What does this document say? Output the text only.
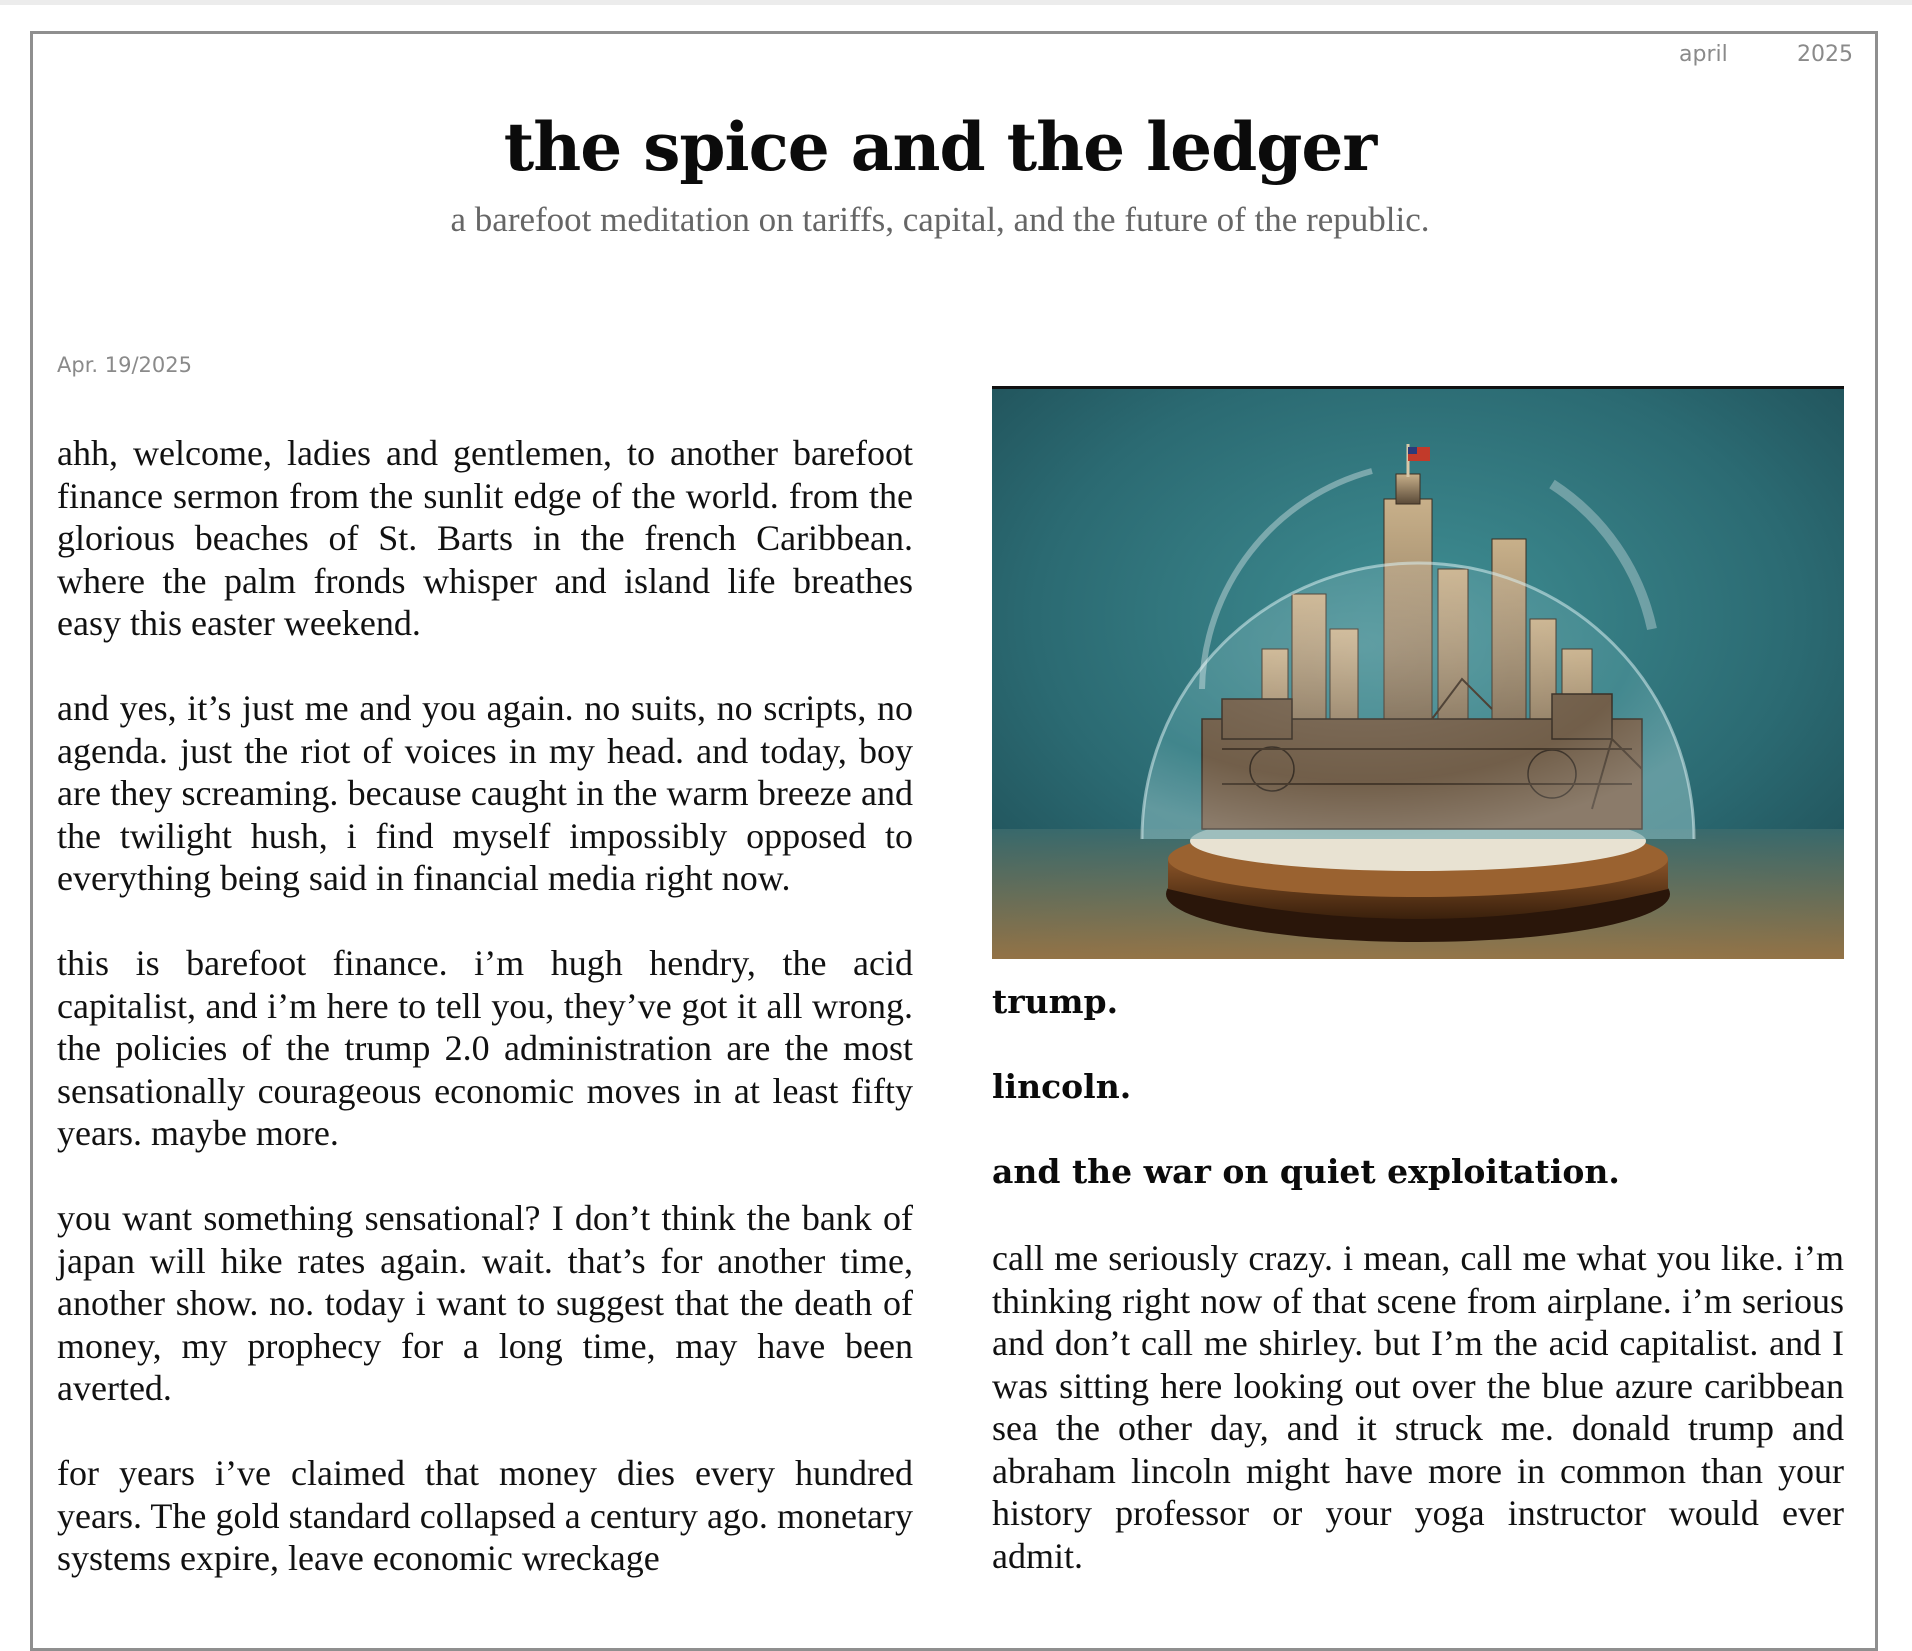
april	2025
the spice and the ledger
a barefoot meditation on tariffs, capital, and the future of the republic.
Apr. 19/2025

ahh, welcome, ladies and gentlemen, to another barefoot finance sermon from the sunlit edge of the world. from the glorious beaches of St. Barts in the french Caribbean. where the palm fronds whisper and island life breathes easy this easter weekend.

and yes, it’s just me and you again. no suits, no scripts, no agenda. just the riot of voices in my head. and today, boy are they screaming. because caught in the warm breeze and the twilight hush, i find myself impossibly opposed to everything being said in financial media right now.

this is barefoot finance. i’m hugh hendry, the acid capitalist, and i’m here to tell you, they’ve got it all wrong. the policies of the trump 2.0 administration are the most sensationally courageous economic moves in at least fifty years. maybe more.

you want something sensational? I don’t think the bank of japan will hike rates again. wait. that’s for another time, another show. no. today i want to suggest that the death of money, my prophecy for a long time, may have been averted.

for years i’ve claimed that money dies every hundred years. The gold standard collapsed a century ago. monetary systems expire, leave economic wreckage

trump.
lincoln.
and the war on quiet exploitation.

call me seriously crazy. i mean, call me what you like. i’m thinking right now of that scene from airplane. i’m serious and don’t call me shirley. but I’m the acid capitalist. and I was sitting here looking out over the blue azure caribbean sea the other day, and it struck me. donald trump and abraham lincoln might have more in common than your history professor or your yoga instructor would ever admit.
